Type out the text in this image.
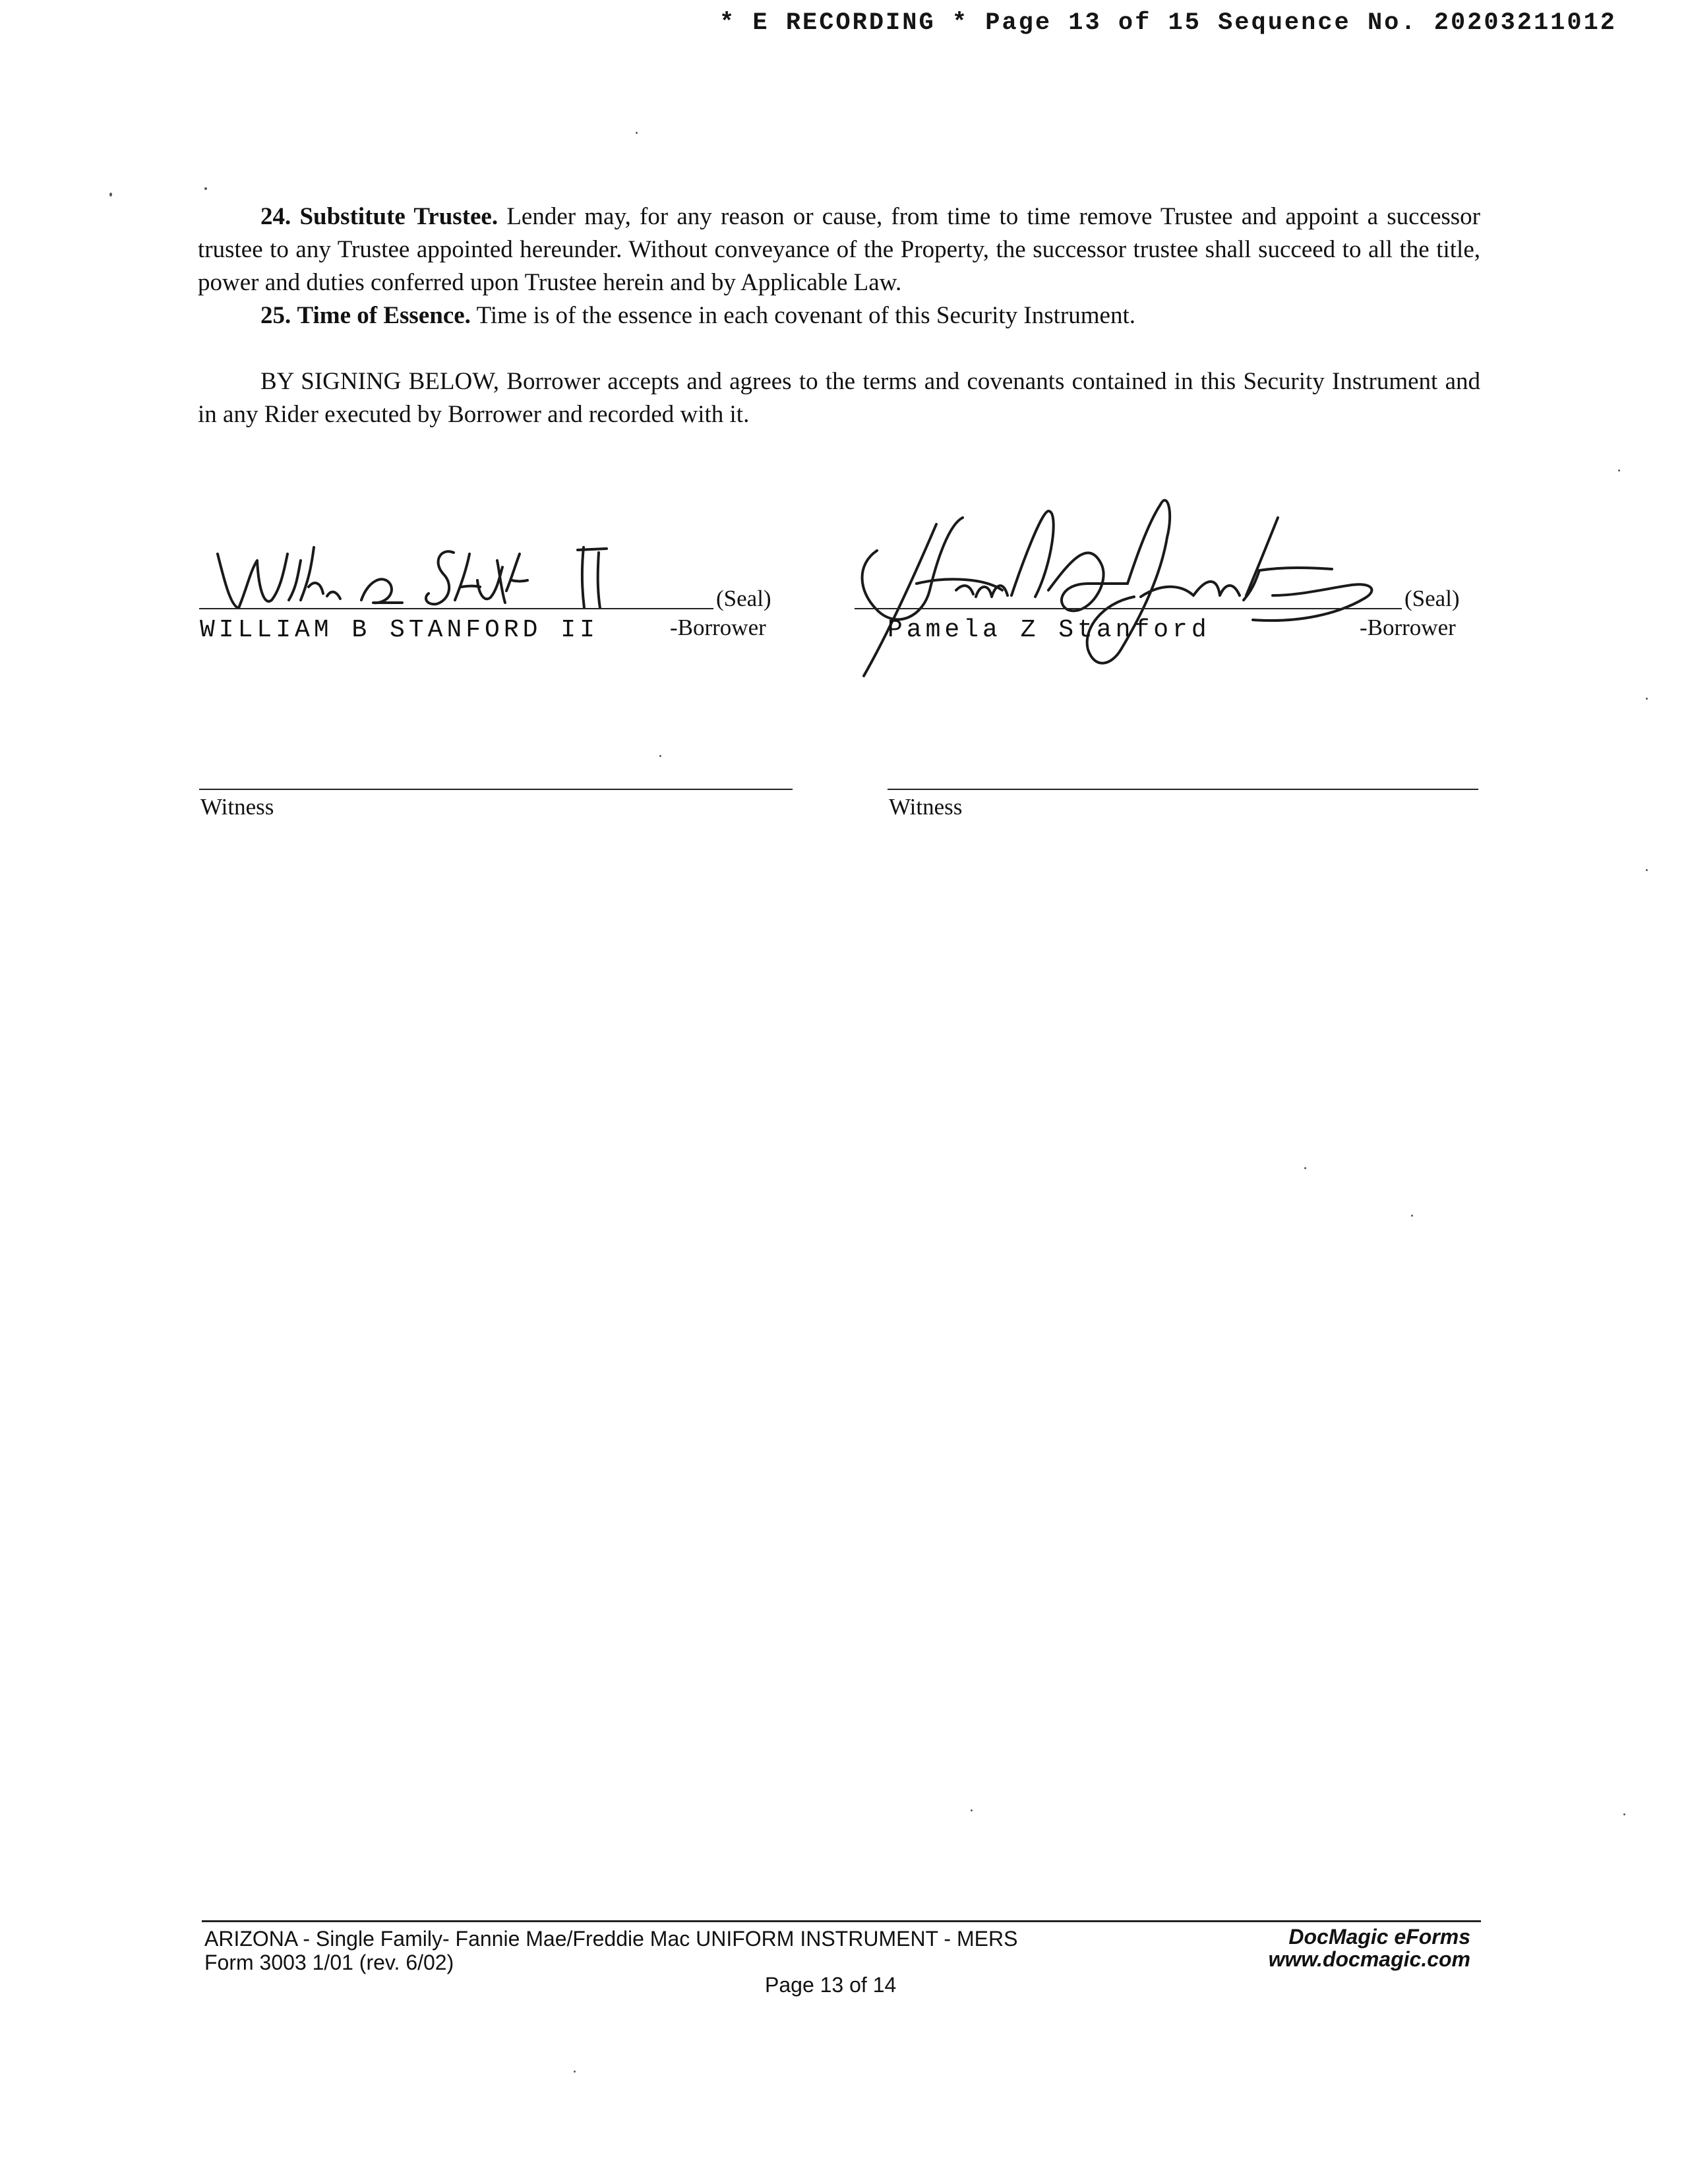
* E RECORDING * Page 13 of 15 Sequence No. 20203211012

24. Substitute Trustee. Lender may, for any reason or cause, from time to time remove Trustee and appoint a successor trustee to any Trustee appointed hereunder. Without conveyance of the Property, the successor trustee shall succeed to all the title, power and duties conferred upon Trustee herein and by Applicable Law.

25. Time of Essence. Time is of the essence in each covenant of this Security Instrument.

BY SIGNING BELOW, Borrower accepts and agrees to the terms and covenants contained in this Security Instrument and in any Rider executed by Borrower and recorded with it.

(Seal)
WILLIAM B STANFORD II	-Borrower
(Seal)
Pamela Z Stanford	-Borrower
Witness	Witness
ARIZONA - Single Family- Fannie Mae/Freddie Mac UNIFORM INSTRUMENT - MERS
Form 3003 1/01 (rev. 6/02)
DocMagic eForms
www.docmagic.com
Page 13 of 14
